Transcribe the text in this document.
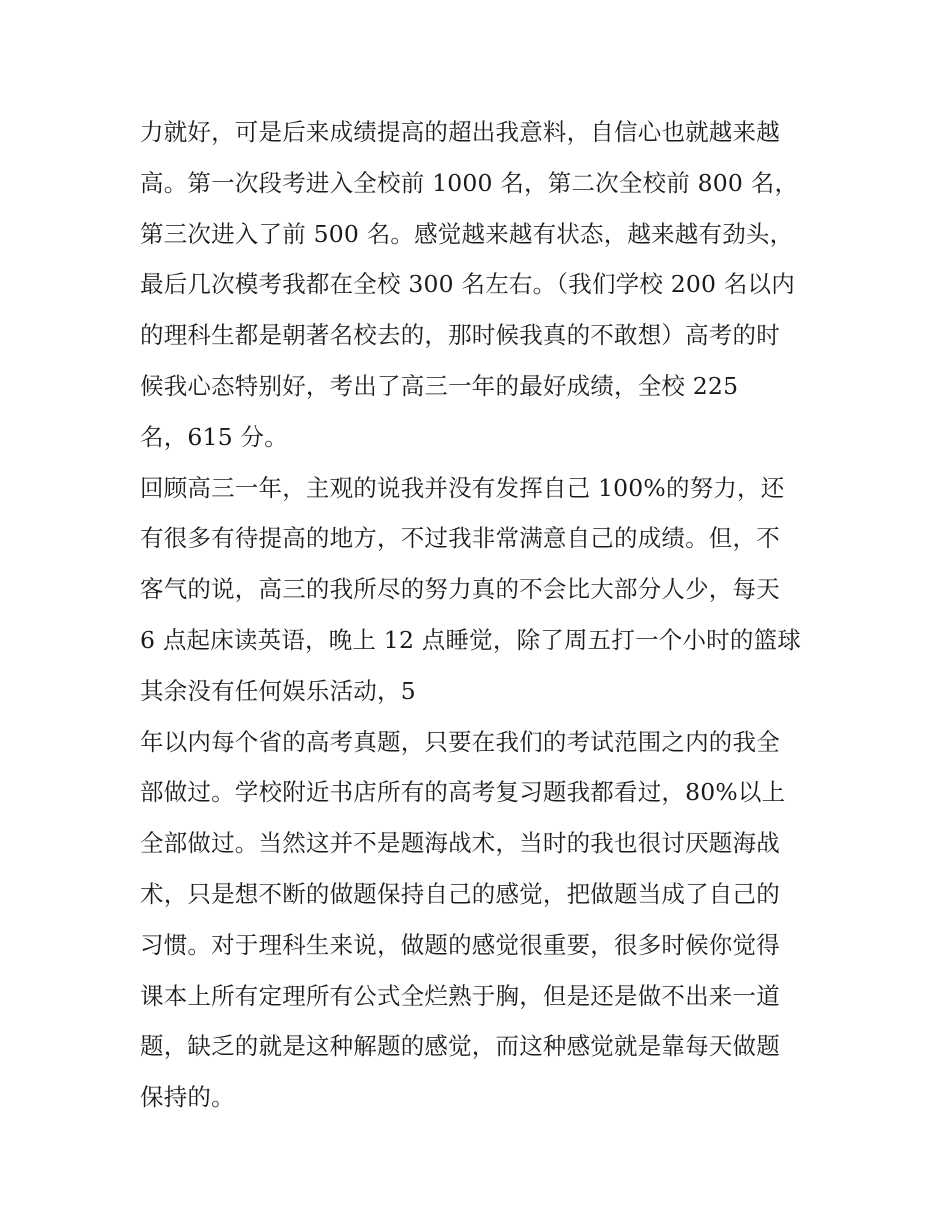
力就好，可是后来成绩提高的超出我意料，自信心也就越来越
高。第一次段考进入全校前 1000 名，第二次全校前 800 名，
第三次进入了前 500 名。感觉越来越有状态，越来越有劲头，
最后几次模考我都在全校 300 名左右。（我们学校 200 名以内
的理科生都是朝著名校去的，那时候我真的不敢想）高考的时
候我心态特别好，考出了高三一年的最好成绩，全校 225
名，615 分。
回顾高三一年，主观的说我并没有发挥自己 100%的努力，还
有很多有待提高的地方，不过我非常满意自己的成绩。但，不
客气的说，高三的我所尽的努力真的不会比大部分人少，每天
6 点起床读英语，晚上 12 点睡觉，除了周五打一个小时的篮球
其余没有任何娱乐活动，5
年以内每个省的高考真题，只要在我们的考试范围之内的我全
部做过。学校附近书店所有的高考复习题我都看过，80%以上
全部做过。当然这并不是题海战术，当时的我也很讨厌题海战
术，只是想不断的做题保持自己的感觉，把做题当成了自己的
习惯。对于理科生来说，做题的感觉很重要，很多时候你觉得
课本上所有定理所有公式全烂熟于胸，但是还是做不出来一道
题，缺乏的就是这种解题的感觉，而这种感觉就是靠每天做题
保持的。
